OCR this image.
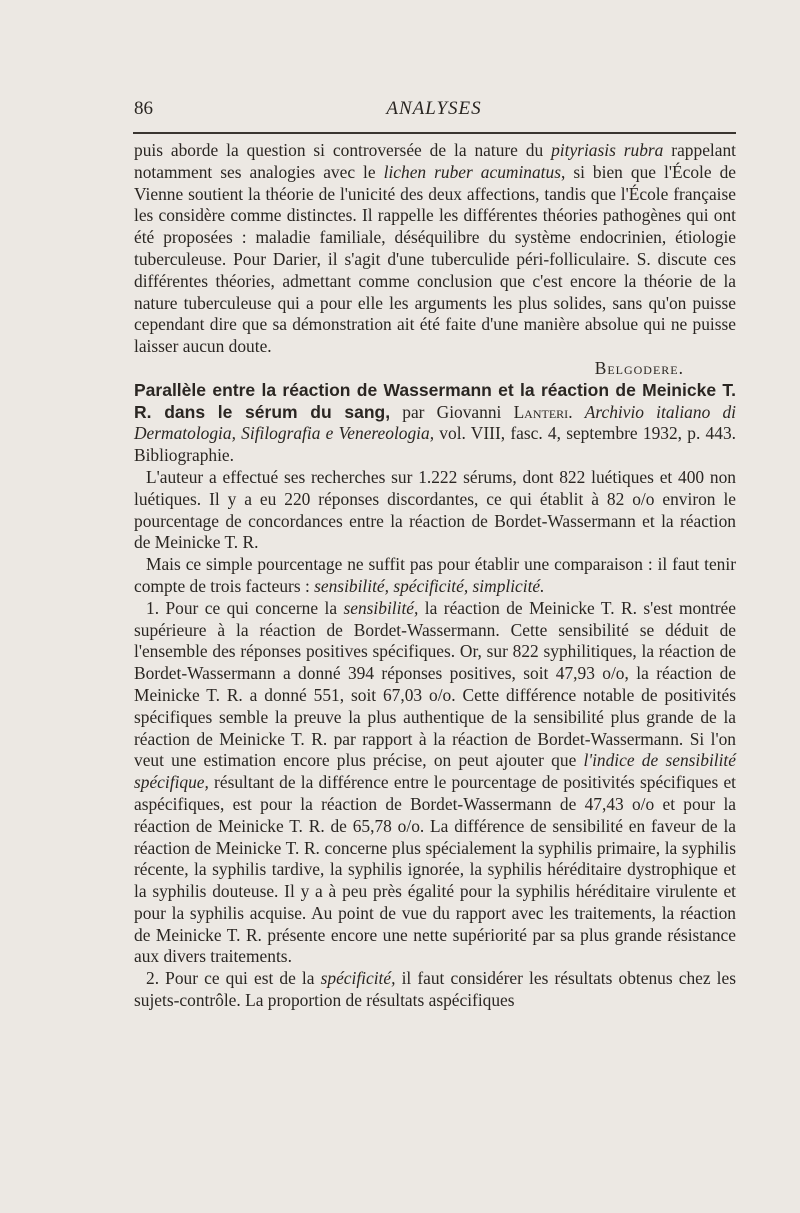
86	ANALYSES

puis aborde la question si controversée de la nature du pityriasis rubra rappelant notamment ses analogies avec le lichen ruber acuminatus, si bien que l'École de Vienne soutient la théorie de l'unicité des deux affections, tandis que l'École française les considère comme distinctes. Il rappelle les différentes théories pathogènes qui ont été proposées : maladie familiale, déséquilibre du système endocrinien, étiologie tuberculeuse. Pour Darier, il s'agit d'une tuberculide péri-folliculaire. S. discute ces différentes théories, admettant comme conclusion que c'est encore la théorie de la nature tuberculeuse qui a pour elle les arguments les plus solides, sans qu'on puisse cependant dire que sa démonstration ait été faite d'une manière absolue qui ne puisse laisser aucun doute.

Belgodere.

Parallèle entre la réaction de Wassermann et la réaction de Meinicke T. R. dans le sérum du sang, par Giovanni Lanteri. Archivio italiano di Dermatologia, Sifilografia e Venereologia, vol. VIII, fasc. 4, septembre 1932, p. 443. Bibliographie.

L'auteur a effectué ses recherches sur 1.222 sérums, dont 822 luétiques et 400 non luétiques. Il y a eu 220 réponses discordantes, ce qui établit à 82 o/o environ le pourcentage de concordances entre la réaction de Bordet-Wassermann et la réaction de Meinicke T. R.

Mais ce simple pourcentage ne suffit pas pour établir une comparaison : il faut tenir compte de trois facteurs : sensibilité, spécificité, simplicité.

1. Pour ce qui concerne la sensibilité, la réaction de Meinicke T. R. s'est montrée supérieure à la réaction de Bordet-Wassermann. Cette sensibilité se déduit de l'ensemble des réponses positives spécifiques. Or, sur 822 syphilitiques, la réaction de Bordet-Wassermann a donné 394 réponses positives, soit 47,93 o/o, la réaction de Meinicke T. R. a donné 551, soit 67,03 o/o. Cette différence notable de positivités spécifiques semble la preuve la plus authentique de la sensibilité plus grande de la réaction de Meinicke T. R. par rapport à la réaction de Bordet-Wassermann. Si l'on veut une estimation encore plus précise, on peut ajouter que l'indice de sensibilité spécifique, résultant de la différence entre le pourcentage de positivités spécifiques et aspécifiques, est pour la réaction de Bordet-Wassermann de 47,43 o/o et pour la réaction de Meinicke T. R. de 65,78 o/o. La différence de sensibilité en faveur de la réaction de Meinicke T. R. concerne plus spécialement la syphilis primaire, la syphilis récente, la syphilis tardive, la syphilis ignorée, la syphilis héréditaire dystrophique et la syphilis douteuse. Il y a à peu près égalité pour la syphilis héréditaire virulente et pour la syphilis acquise. Au point de vue du rapport avec les traitements, la réaction de Meinicke T. R. présente encore une nette supériorité par sa plus grande résistance aux divers traitements.

2. Pour ce qui est de la spécificité, il faut considérer les résultats obtenus chez les sujets-contrôle. La proportion de résultats aspécifiques
